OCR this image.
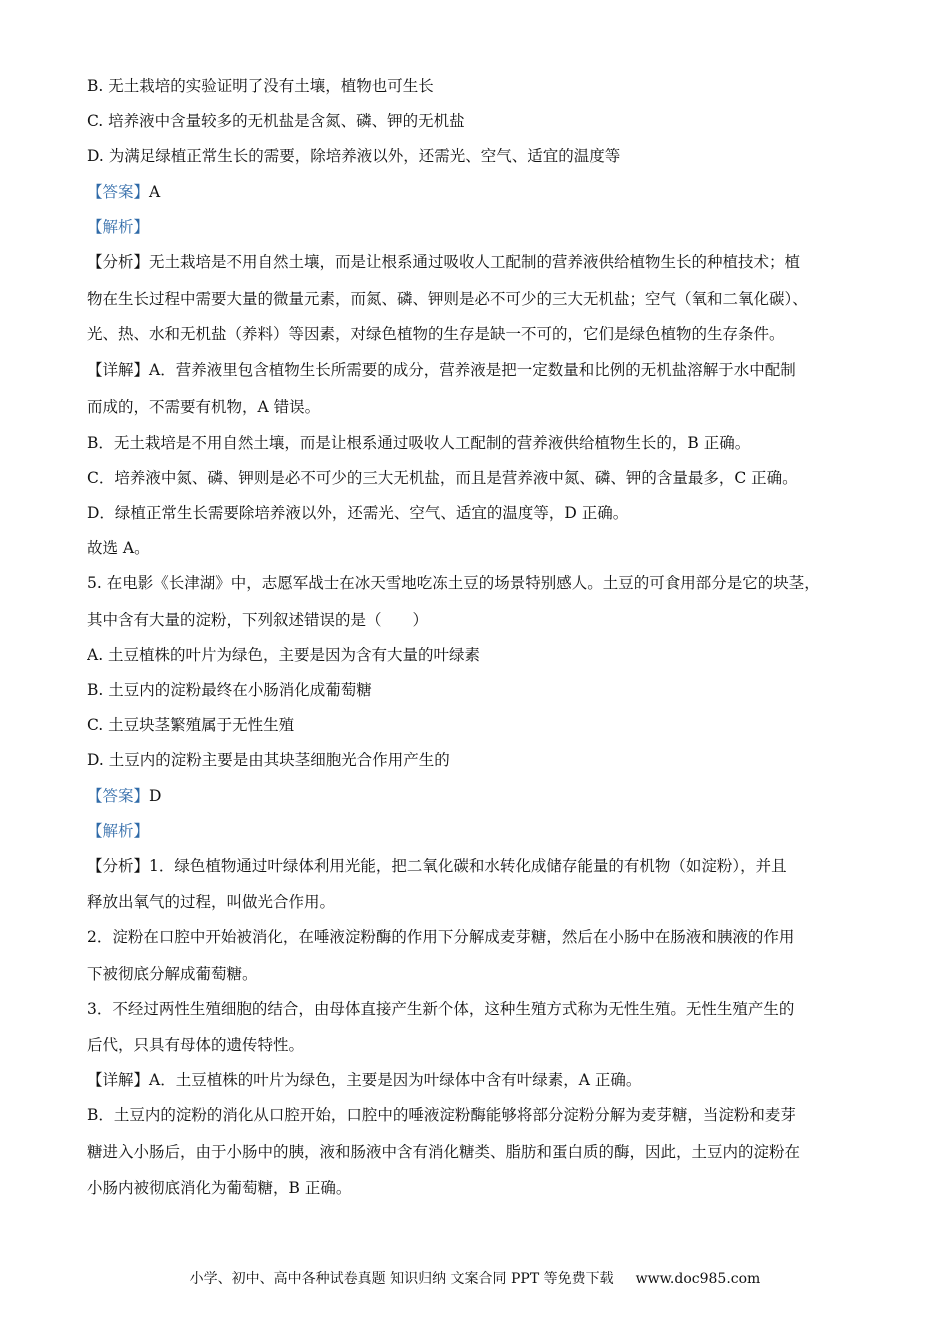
B. 无土栽培的实验证明了没有土壤，植物也可生长
C. 培养液中含量较多的无机盐是含氮、磷、钾的无机盐
D. 为满足绿植正常生长的需要，除培养液以外，还需光、空气、适宜的温度等
【答案】A
【解析】
【分析】无土栽培是不用自然土壤，而是让根系通过吸收人工配制的营养液供给植物生长的种植技术；植
物在生长过程中需要大量的微量元素，而氮、磷、钾则是必不可少的三大无机盐；空气（氧和二氧化碳）、
光、热、水和无机盐（养料）等因素，对绿色植物的生存是缺一不可的，它们是绿色植物的生存条件。
【详解】A．营养液里包含植物生长所需要的成分，营养液是把一定数量和比例的无机盐溶解于水中配制
而成的，不需要有机物，A 错误。
B．无土栽培是不用自然土壤，而是让根系通过吸收人工配制的营养液供给植物生长的，B 正确。
C．培养液中氮、磷、钾则是必不可少的三大无机盐，而且是营养液中氮、磷、钾的含量最多，C 正确。
D．绿植正常生长需要除培养液以外，还需光、空气、适宜的温度等，D 正确。
故选 A。
5. 在电影《长津湖》中，志愿军战士在冰天雪地吃冻土豆的场景特别感人。土豆的可食用部分是它的块茎，
其中含有大量的淀粉，下列叙述错误的是（　　）
A. 土豆植株的叶片为绿色，主要是因为含有大量的叶绿素
B. 土豆内的淀粉最终在小肠消化成葡萄糖
C. 土豆块茎繁殖属于无性生殖
D. 土豆内的淀粉主要是由其块茎细胞光合作用产生的
【答案】D
【解析】
【分析】1．绿色植物通过叶绿体利用光能，把二氧化碳和水转化成储存能量的有机物（如淀粉），并且
释放出氧气的过程，叫做光合作用。
2．淀粉在口腔中开始被消化，在唾液淀粉酶的作用下分解成麦芽糖，然后在小肠中在肠液和胰液的作用
下被彻底分解成葡萄糖。
3．不经过两性生殖细胞的结合，由母体直接产生新个体，这种生殖方式称为无性生殖。无性生殖产生的
后代，只具有母体的遗传特性。
【详解】A．土豆植株的叶片为绿色，主要是因为叶绿体中含有叶绿素，A 正确。
B．土豆内的淀粉的消化从口腔开始，口腔中的唾液淀粉酶能够将部分淀粉分解为麦芽糖，当淀粉和麦芽
糖进入小肠后，由于小肠中的胰，液和肠液中含有消化糖类、脂肪和蛋白质的酶，因此，土豆内的淀粉在
小肠内被彻底消化为葡萄糖，B 正确。
小学、初中、高中各种试卷真题 知识归纳 文案合同 PPT 等免费下载 www.doc985.com
